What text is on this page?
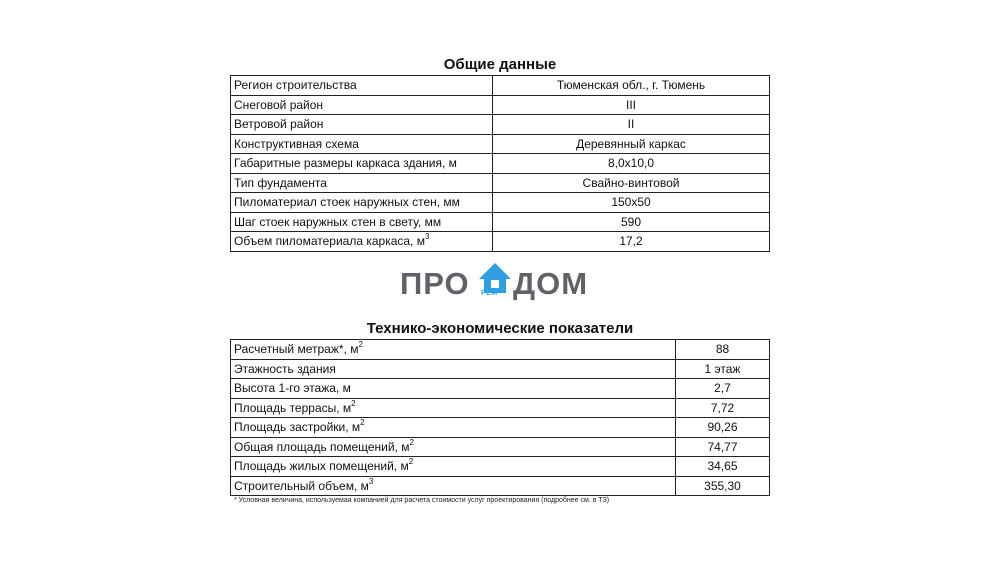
Общие данные
Регион строительства	Тюменская обл., г. Тюмень
Снеговой район	III
Ветровой район	II
Конструктивная схема	Деревянный каркас
Габаритные размеры каркаса здания, м	8,0х10,0
Тип фундамента	Свайно-винтовой
Пиломатериал стоек наружных стен, мм	150х50
Шаг стоек наружных стен в свету, мм	590
Объем пиломатериала каркаса, $м^3$	17,2
ПРО РЕМ ДОМ
Технико-экономические показатели
Расчетный метраж*, $м^2$	88
Этажность здания	1 этаж
Высота 1-го этажа, м	2,7
Площадь террасы, $м^2$	7,72
Площадь застройки, $м^2$	90,26
Общая площадь помещений, $м^2$	74,77
Площадь жилых помещений, $м^2$	34,65
Строительный объем, $м^3$	355,30
* Условная величина, используемая компанией для расчета стоимости услуг проектирования (подробнее см. в ТЗ)
